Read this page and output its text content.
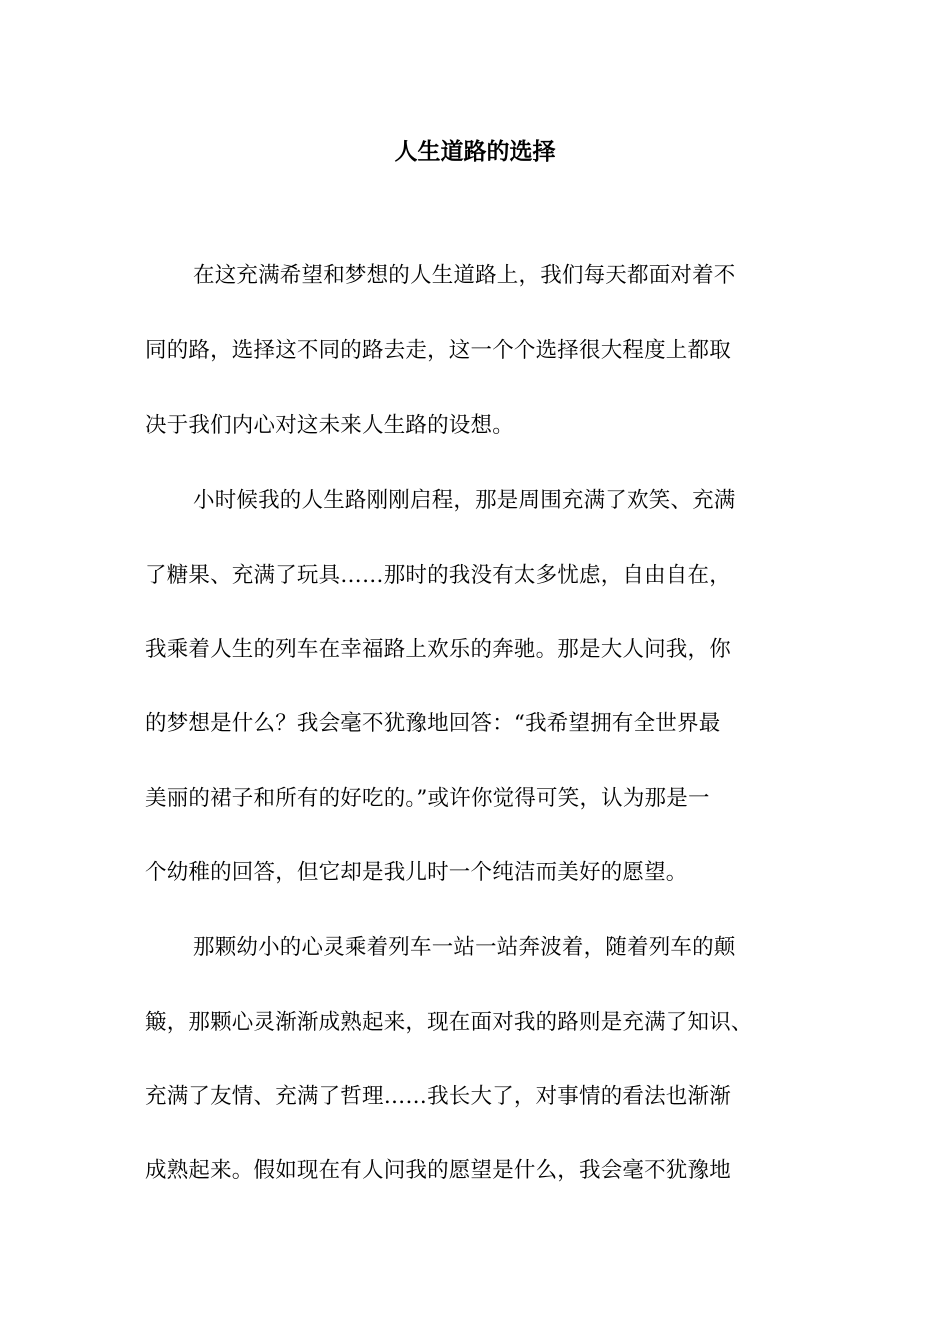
人生道路的选择
在这充满希望和梦想的人生道路上，我们每天都面对着不
同的路，选择这不同的路去走，这一个个选择很大程度上都取
决于我们内心对这未来人生路的设想。
小时候我的人生路刚刚启程，那是周围充满了欢笑、充满
了糖果、充满了玩具……那时的我没有太多忧虑，自由自在，
我乘着人生的列车在幸福路上欢乐的奔驰。那是大人问我，你
的梦想是什么？我会毫不犹豫地回答：“我希望拥有全世界最
美丽的裙子和所有的好吃的。”或许你觉得可笑，认为那是一
个幼稚的回答，但它却是我儿时一个纯洁而美好的愿望。
那颗幼小的心灵乘着列车一站一站奔波着，随着列车的颠
簸，那颗心灵渐渐成熟起来，现在面对我的路则是充满了知识、
充满了友情、充满了哲理……我长大了，对事情的看法也渐渐
成熟起来。假如现在有人问我的愿望是什么，我会毫不犹豫地
